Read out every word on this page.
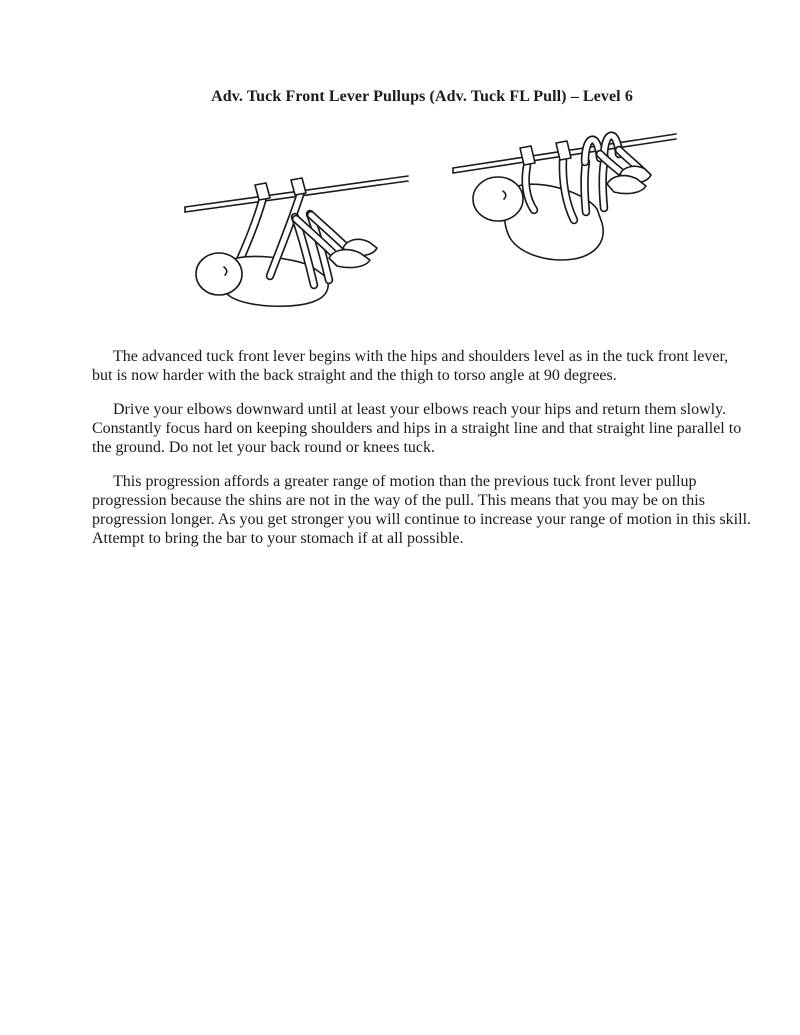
Adv. Tuck Front Lever Pullups (Adv. Tuck FL Pull) – Level 6

The advanced tuck front lever begins with the hips and shoulders level as in the tuck front lever, but is now harder with the back straight and the thigh to torso angle at 90 degrees.

Drive your elbows downward until at least your elbows reach your hips and return them slowly. Constantly focus hard on keeping shoulders and hips in a straight line and that straight line parallel to the ground. Do not let your back round or knees tuck.

This progression affords a greater range of motion than the previous tuck front lever pullup progression because the shins are not in the way of the pull. This means that you may be on this progression longer. As you get stronger you will continue to increase your range of motion in this skill. Attempt to bring the bar to your stomach if at all possible.
